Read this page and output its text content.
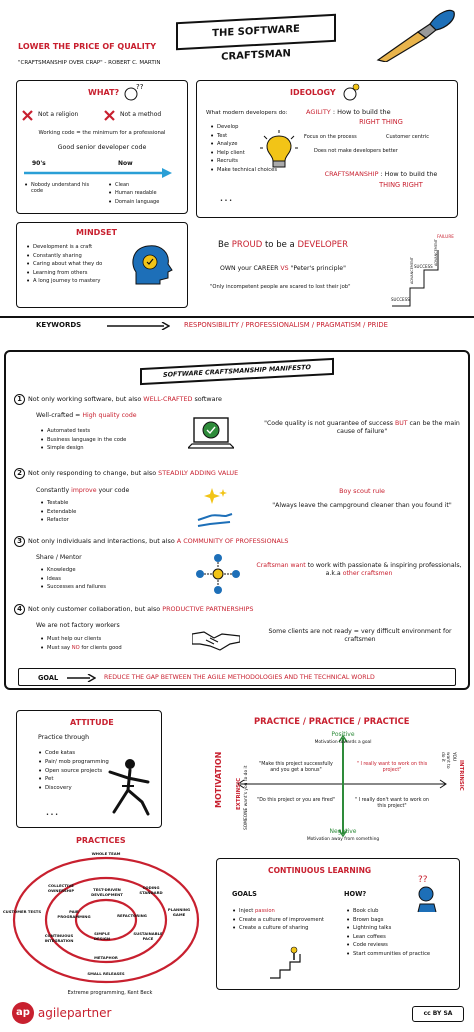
THE SOFTWARE CRAFTSMAN
LOWER THE PRICE OF QUALITY
"CRAFTSMANSHIP OVER CRAP" - ROBERT C. MARTIN
WHAT?
??
Not a religion	Not a method
Working code = the minimum for a professional
Good senior developer code
90's	Now
• Nobody understand his code
• Clean
• Human readable
• Domain language
IDEOLOGY
What modern developers do:
• Develop
• Test
• Analyze
• Help client
• Recruits
• Make technical choices
• • •
AGILITY : How to build the
RIGHT THING
Focus on the process	Customer centric
Does not make developers better
CRAFTSMANSHIP : How to build the
THING RIGHT
MINDSET
• Development is a craft
• Constantly sharing
• Caring about what they do
• Learning from others
• A long journey to mastery
Be PROUD to be a DEVELOPER
OWN your CAREER VS "Peter's principle"
"Only incompetent people are scared to lost their job"
SUCCESS
ADVANCEMENT SUCCESS
ADVANCEMENT
FAILURE
KEYWORDS	RESPONSIBILITY / PROFESSIONALISM / PRAGMATISM / PRIDE
SOFTWARE CRAFTSMANSHIP MANIFESTO
1 Not only working software, but also WELL-CRAFTED software
Well-crafted = High quality code
• Automated tests
• Business language in the code
• Simple design
"Code quality is not guarantee of success BUT can be the main cause of failure"
2 Not only responding to change, but also STEADILY ADDING VALUE
Constantly improve your code
• Testable
• Extendable
• Refactor
Boy scout rule
"Always leave the campground cleaner than you found it"
3 Not only individuals and interactions, but also A COMMUNITY OF PROFESSIONALS
Share / Mentor
• Knowledge
• Ideas
• Successes and failures
Craftsman want to work with passionate & inspiring professionals, a.k.a other craftsmen
4 Not only customer collaboration, but also PRODUCTIVE PARTNERSHIPS
We are not factory workers
• Must help our clients
• Must say NO for clients good
Some clients are not ready = very difficult environment for craftsmen
GOAL	REDUCE THE GAP BETWEEN THE AGILE METHODOLOGIES AND THE TECHNICAL WORLD
ATTITUDE
Practice through
• Code katas
• Pair/ mob programming
• Open source projects
• Pet
• Discovery
• • •
PRACTICE / PRACTICE / PRACTICE
MOTIVATION EXTRINSIC SOMEONE want's you to do it	INTRINSIC
YOU want to do it
Positive
Motivation towards a goal
"Make this project successfully and you get a bonus"
" I really want to work on this project"
"Do this project or you are fired"	" I really don't want to work on this project"
Negative
Motivation away from something
PRACTICES
WHOLE TEAM
COLLECTIVE OWNERSHIP	TEST-DRIVEN DEVELOPMENT
CODING STANDARD
CUSTOMER TESTS	PAIR PROGRAMMING	REFACTORING
PLANNING GAME
CONTINUOUS INTEGRATION
SIMPLE DESIGN
SUSTAINABLE PACE
METAPHOR
SMALL RELEASES
Extreme programming, Kent Beck
CONTINUOUS LEARNING
GOALS
• Inject passion
• Create a culture of improvement
• Create a culture of sharing
HOW?
??
• Book club
• Brown bags
• Lightning talks
• Lean coffees
• Code reviews
• Start communities of practice
ap agilepartner	cc BY SA
